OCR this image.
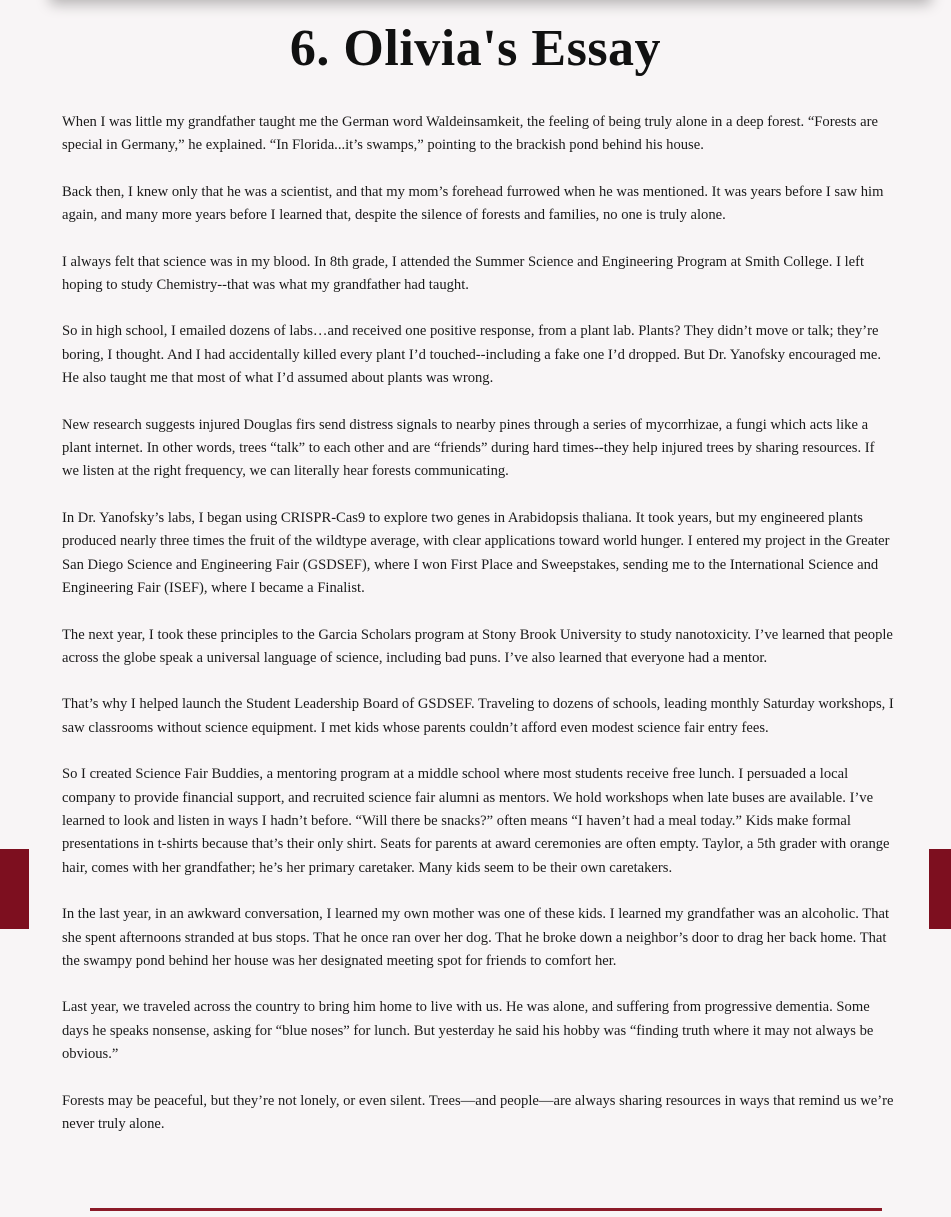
6. Olivia's Essay

When I was little my grandfather taught me the German word Waldeinsamkeit, the feeling of being truly alone in a deep forest. “Forests are special in Germany,” he explained. “In Florida...it’s swamps,” pointing to the brackish pond behind his house.

Back then, I knew only that he was a scientist, and that my mom’s forehead furrowed when he was mentioned. It was years before I saw him again, and many more years before I learned that, despite the silence of forests and families, no one is truly alone.

I always felt that science was in my blood. In 8th grade, I attended the Summer Science and Engineering Program at Smith College. I left hoping to study Chemistry--that was what my grandfather had taught.

So in high school, I emailed dozens of labs…and received one positive response, from a plant lab. Plants? They didn’t move or talk; they’re boring, I thought. And I had accidentally killed every plant I’d touched--including a fake one I’d dropped. But Dr. Yanofsky encouraged me. He also taught me that most of what I’d assumed about plants was wrong.

New research suggests injured Douglas firs send distress signals to nearby pines through a series of mycorrhizae, a fungi which acts like a plant internet. In other words, trees “talk” to each other and are “friends” during hard times--they help injured trees by sharing resources. If we listen at the right frequency, we can literally hear forests communicating.

In Dr. Yanofsky’s labs, I began using CRISPR-Cas9 to explore two genes in Arabidopsis thaliana. It took years, but my engineered plants produced nearly three times the fruit of the wildtype average, with clear applications toward world hunger. I entered my project in the Greater San Diego Science and Engineering Fair (GSDSEF), where I won First Place and Sweepstakes, sending me to the International Science and Engineering Fair (ISEF), where I became a Finalist.

The next year, I took these principles to the Garcia Scholars program at Stony Brook University to study nanotoxicity. I’ve learned that people across the globe speak a universal language of science, including bad puns. I’ve also learned that everyone had a mentor.

That’s why I helped launch the Student Leadership Board of GSDSEF. Traveling to dozens of schools, leading monthly Saturday workshops, I saw classrooms without science equipment. I met kids whose parents couldn’t afford even modest science fair entry fees.

So I created Science Fair Buddies, a mentoring program at a middle school where most students receive free lunch. I persuaded a local company to provide financial support, and recruited science fair alumni as mentors. We hold workshops when late buses are available. I’ve learned to look and listen in ways I hadn’t before. “Will there be snacks?” often means “I haven’t had a meal today.” Kids make formal presentations in t-shirts because that’s their only shirt. Seats for parents at award ceremonies are often empty. Taylor, a 5th grader with orange hair, comes with her grandfather; he’s her primary caretaker. Many kids seem to be their own caretakers.

In the last year, in an awkward conversation, I learned my own mother was one of these kids. I learned my grandfather was an alcoholic. That she spent afternoons stranded at bus stops. That he once ran over her dog. That he broke down a neighbor’s door to drag her back home. That the swampy pond behind her house was her designated meeting spot for friends to comfort her.

Last year, we traveled across the country to bring him home to live with us. He was alone, and suffering from progressive dementia. Some days he speaks nonsense, asking for “blue noses” for lunch. But yesterday he said his hobby was “finding truth where it may not always be obvious.”

Forests may be peaceful, but they’re not lonely, or even silent. Trees—and people—are always sharing resources in ways that remind us we’re never truly alone.
